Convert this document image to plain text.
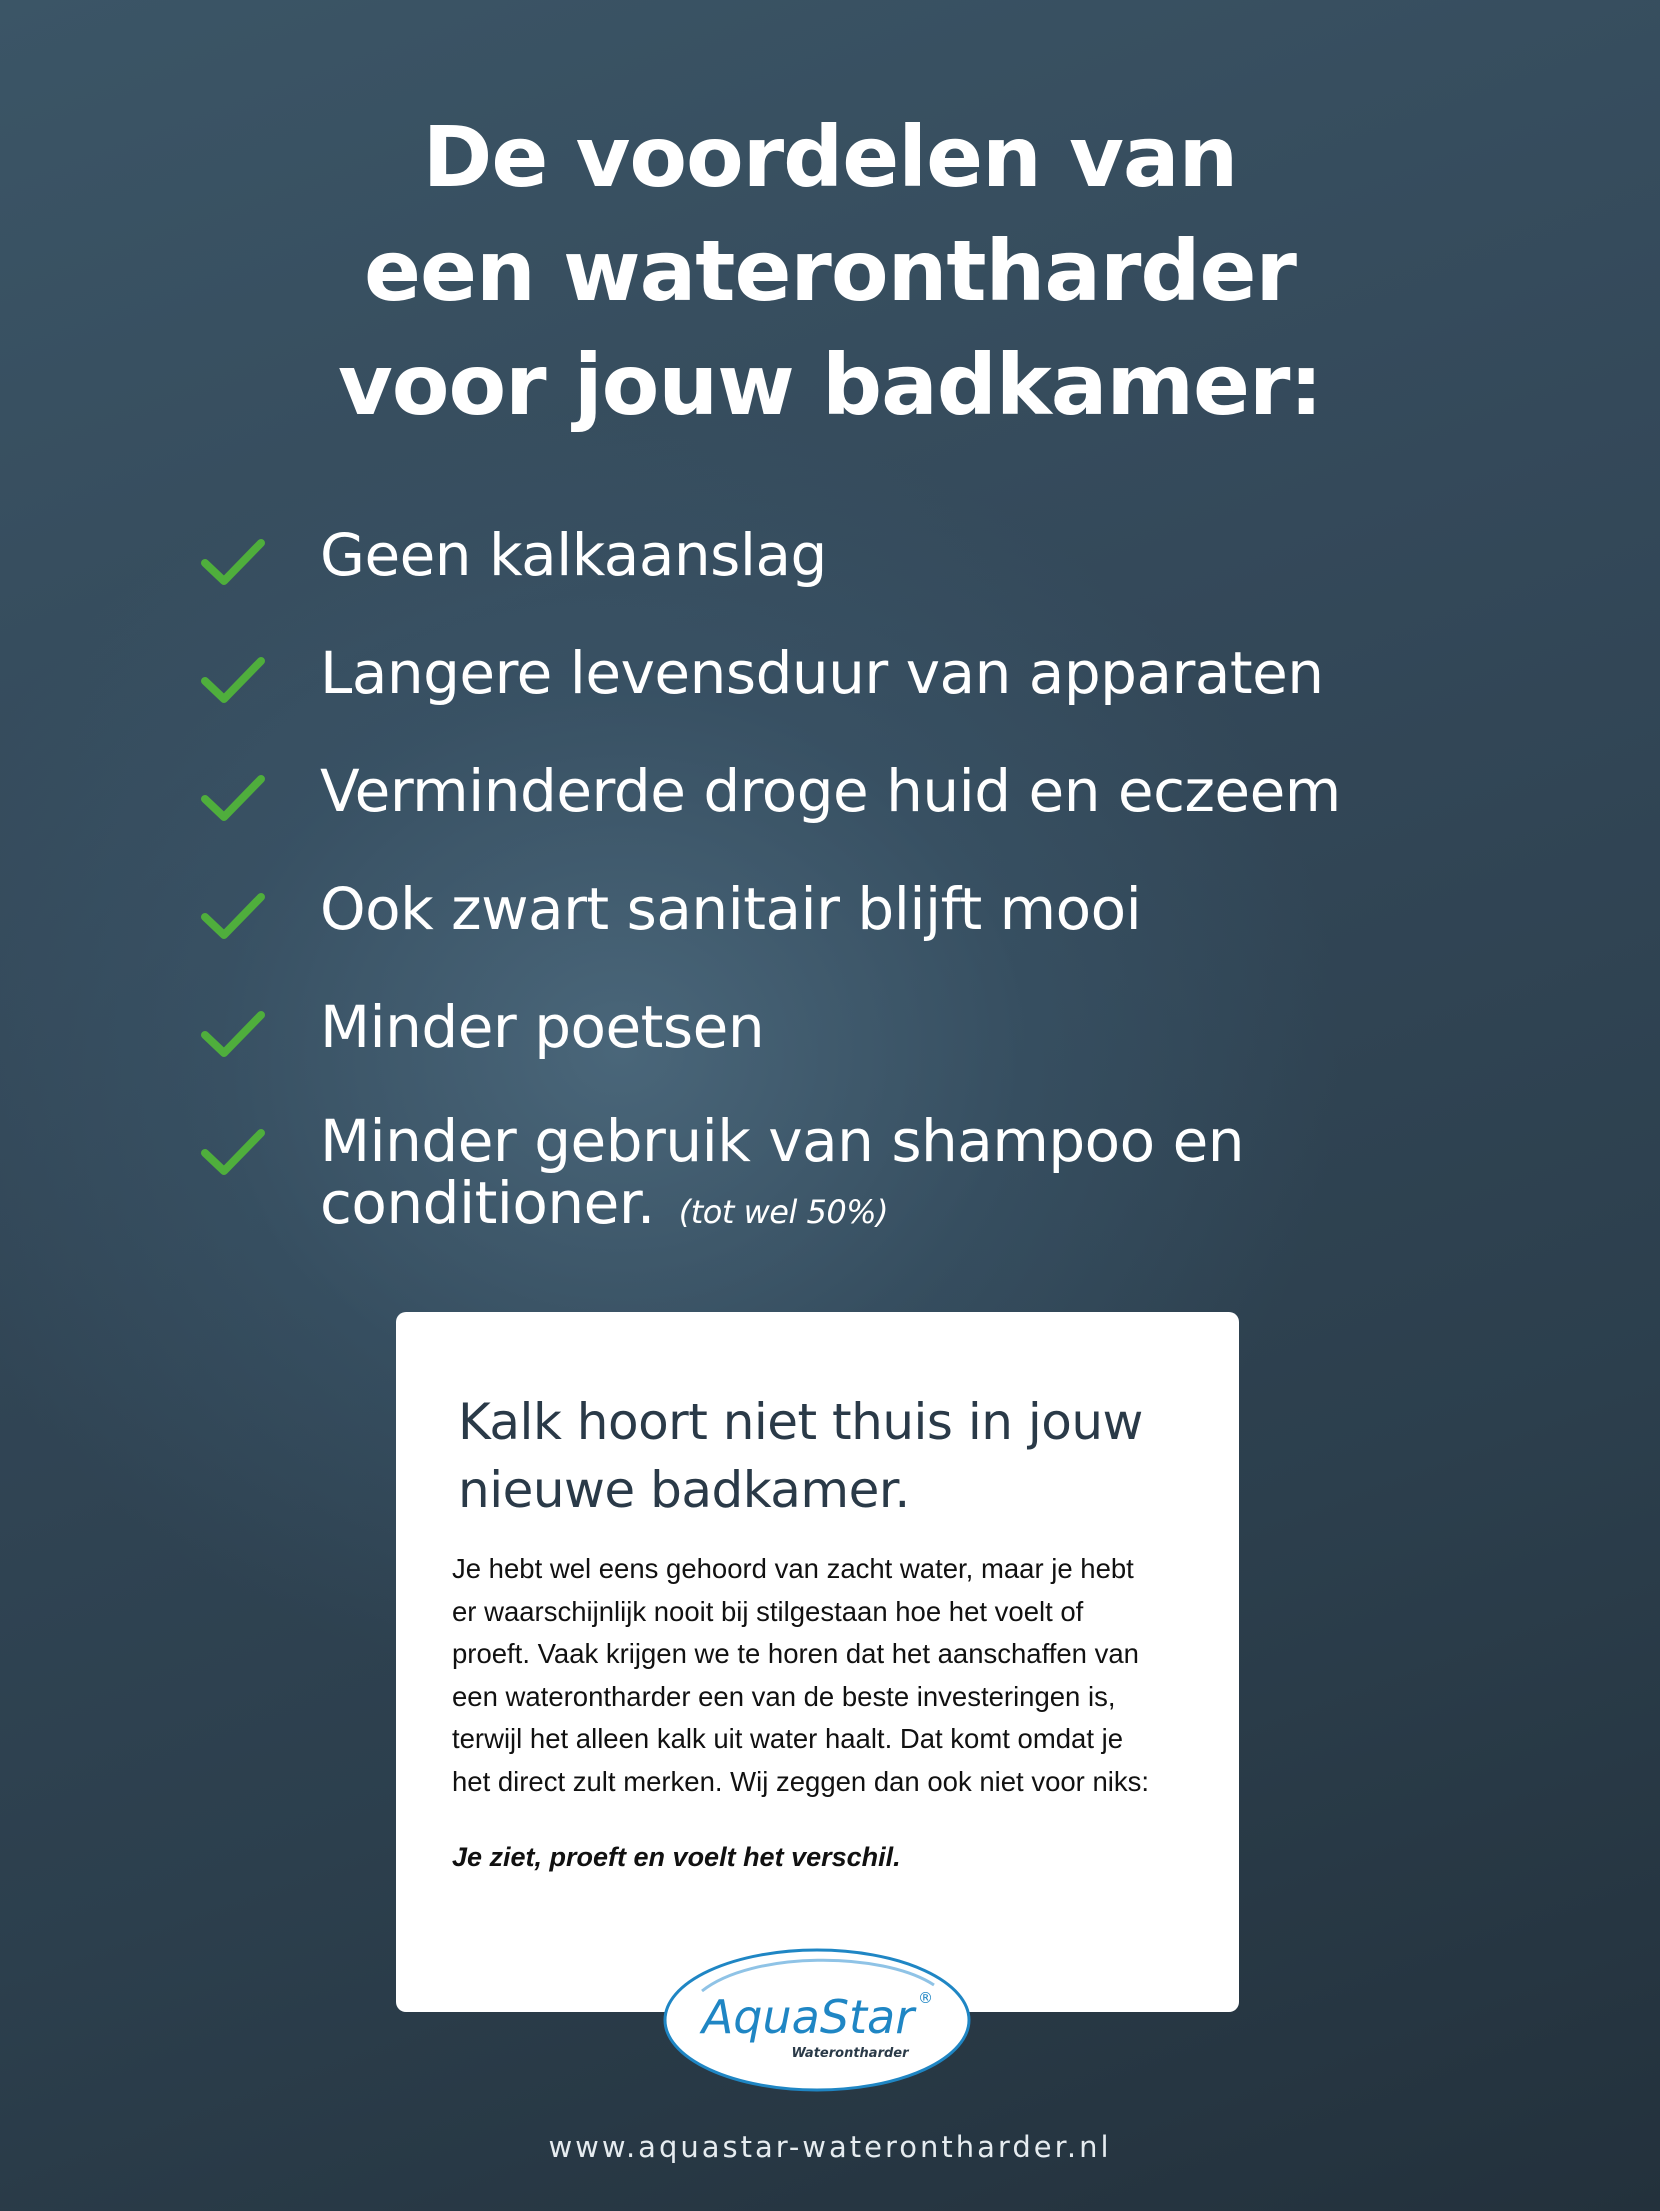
De voordelen van
een waterontharder
voor jouw badkamer:
Geen kalkaanslag
Langere levensduur van apparaten
Verminderde droge huid en eczeem
Ook zwart sanitair blijft mooi
Minder poetsen
Minder gebruik van shampoo en
conditioner. (tot wel 50%)
Kalk hoort niet thuis in jouw
nieuwe badkamer.
Je hebt wel eens gehoord van zacht water, maar je hebt
er waarschijnlijk nooit bij stilgestaan hoe het voelt of
proeft. Vaak krijgen we te horen dat het aanschaffen van
een waterontharder een van de beste investeringen is,
terwijl het alleen kalk uit water haalt. Dat komt omdat je
het direct zult merken. Wij zeggen dan ook niet voor niks:
Je ziet, proeft en voelt het verschil.
AquaStar ®
Waterontharder
www.aquastar-waterontharder.nl
